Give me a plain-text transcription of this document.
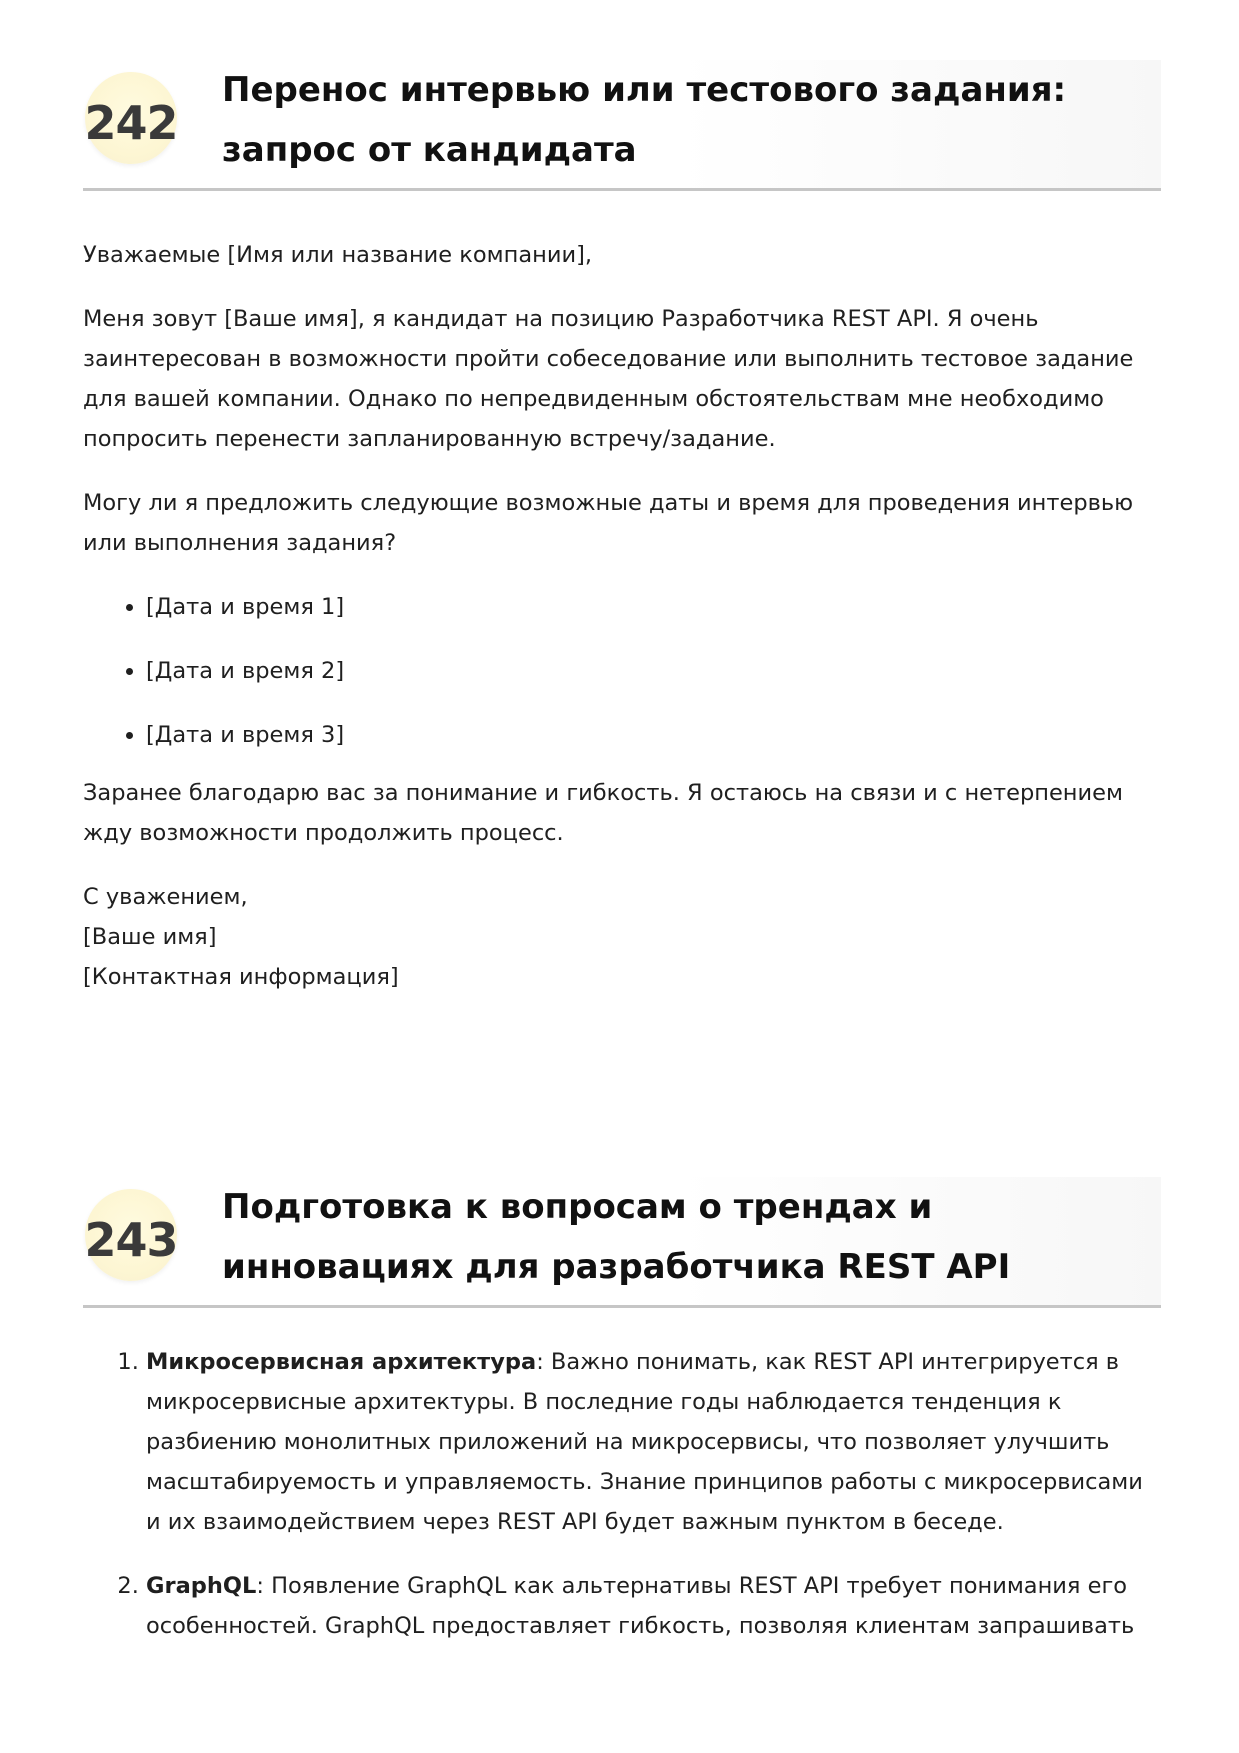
242
Перенос интервью или тестового задания: запрос от кандидата

Уважаемые [Имя или название компании],

Меня зовут [Ваше имя], я кандидат на позицию Разработчика REST API. Я очень заинтересован в возможности пройти собеседование или выполнить тестовое задание для вашей компании. Однако по непредвиденным обстоятельствам мне необходимо попросить перенести запланированную встречу/задание.

Могу ли я предложить следующие возможные даты и время для проведения интервью или выполнения задания?

• [Дата и время 1]
• [Дата и время 2]
• [Дата и время 3]

Заранее благодарю вас за понимание и гибкость. Я остаюсь на связи и с нетерпением жду возможности продолжить процесс.

С уважением,
[Ваше имя]
[Контактная информация]

243
Подготовка к вопросам о трендах и инновациях для разработчика REST API
1. Микросервисная архитектура: Важно понимать, как REST API интегрируется в микросервисные архитектуры. В последние годы наблюдается тенденция к разбиению монолитных приложений на микросервисы, что позволяет улучшить масштабируемость и управляемость. Знание принципов работы с микросервисами и их взаимодействием через REST API будет важным пунктом в беседе.
2. GraphQL: Появление GraphQL как альтернативы REST API требует понимания его особенностей. GraphQL предоставляет гибкость, позволяя клиентам запрашивать
